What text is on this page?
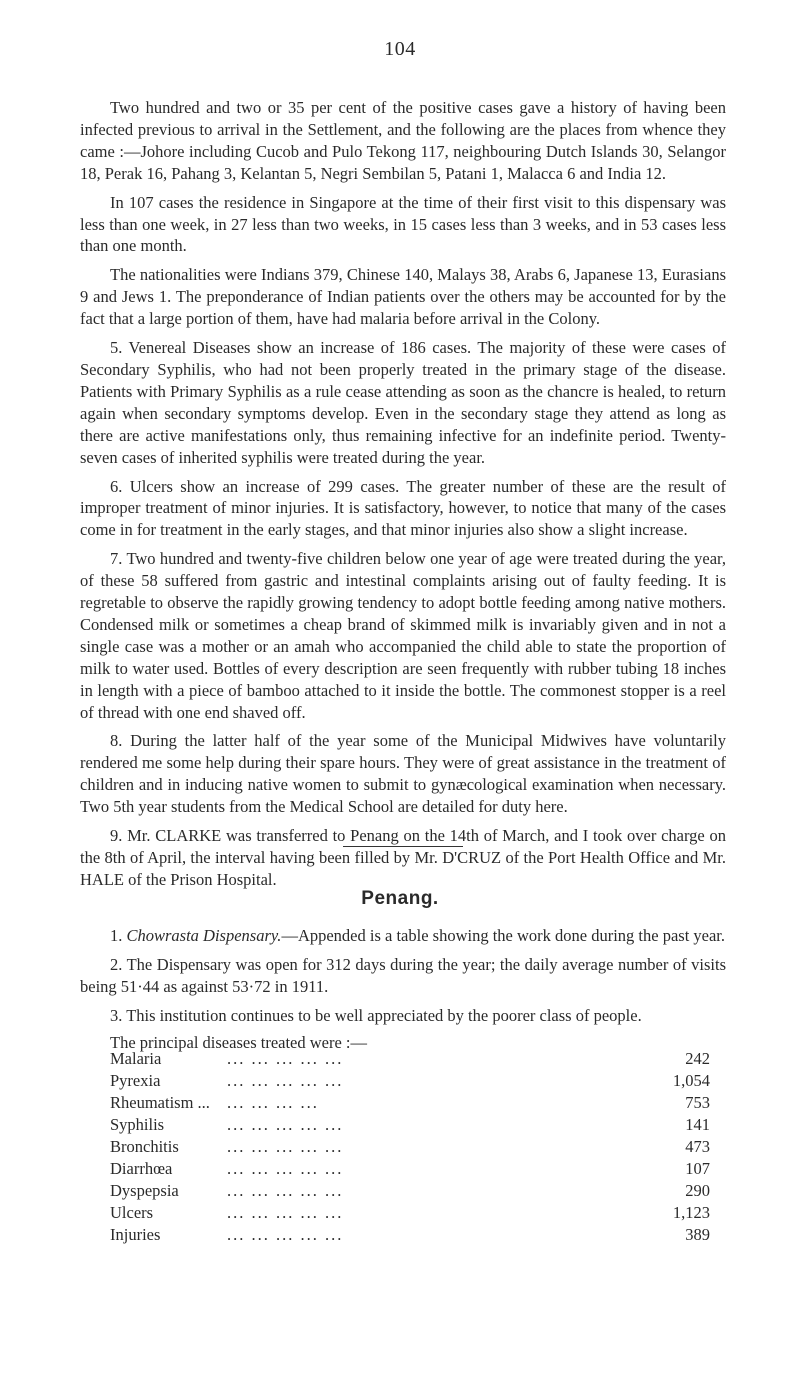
104

Two hundred and two or 35 per cent of the positive cases gave a history of having been infected previous to arrival in the Settlement, and the following are the places from whence they came :—Johore including Cucob and Pulo Tekong 117, neighbouring Dutch Islands 30, Selangor 18, Perak 16, Pahang 3, Kelantan 5, Negri Sembilan 5, Patani 1, Malacca 6 and India 12.

In 107 cases the residence in Singapore at the time of their first visit to this dispensary was less than one week, in 27 less than two weeks, in 15 cases less than 3 weeks, and in 53 cases less than one month.

The nationalities were Indians 379, Chinese 140, Malays 38, Arabs 6, Japanese 13, Eurasians 9 and Jews 1. The preponderance of Indian patients over the others may be accounted for by the fact that a large portion of them, have had malaria before arrival in the Colony.

5. Venereal Diseases show an increase of 186 cases. The majority of these were cases of Secondary Syphilis, who had not been properly treated in the primary stage of the disease. Patients with Primary Syphilis as a rule cease attending as soon as the chancre is healed, to return again when secondary symptoms develop. Even in the secondary stage they attend as long as there are active manifestations only, thus remaining infective for an indefinite period. Twenty-seven cases of inherited syphilis were treated during the year.

6. Ulcers show an increase of 299 cases. The greater number of these are the result of improper treatment of minor injuries. It is satisfactory, however, to notice that many of the cases come in for treatment in the early stages, and that minor injuries also show a slight increase.

7. Two hundred and twenty-five children below one year of age were treated during the year, of these 58 suffered from gastric and intestinal complaints arising out of faulty feeding. It is regretable to observe the rapidly growing tendency to adopt bottle feeding among native mothers. Condensed milk or sometimes a cheap brand of skimmed milk is invariably given and in not a single case was a mother or an amah who accompanied the child able to state the proportion of milk to water used. Bottles of every description are seen frequently with rubber tubing 18 inches in length with a piece of bamboo attached to it inside the bottle. The commonest stopper is a reel of thread with one end shaved off.

8. During the latter half of the year some of the Municipal Midwives have voluntarily rendered me some help during their spare hours. They were of great assistance in the treatment of children and in inducing native women to submit to gynæcological examination when necessary. Two 5th year students from the Medical School are detailed for duty here.

9. Mr. CLARKE was transferred to Penang on the 14th of March, and I took over charge on the 8th of April, the interval having been filled by Mr. D'CRUZ of the Port Health Office and Mr. HALE of the Prison Hospital.

Penang.

1. Chowrasta Dispensary.—Appended is a table showing the work done during the past year.

2. The Dispensary was open for 312 days during the year; the daily average number of visits being 51·44 as against 53·72 in 1911.

3. This institution continues to be well appreciated by the poorer class of people.

The principal diseases treated were :—

Malaria	... ... ... ... ...	242
Pyrexia	... ... ... ... ...	1,054
Rheumatism ... ... ... ... ...	753
Syphilis	... ... ... ... ...	141
Bronchitis	... ... ... ... ...	473
Diarrhœa	... ... ... ... ...	107
Dyspepsia	... ... ... ... ...	290
Ulcers	... ... ... ... ...	1,123
Injuries	... ... ... ... ...	389
